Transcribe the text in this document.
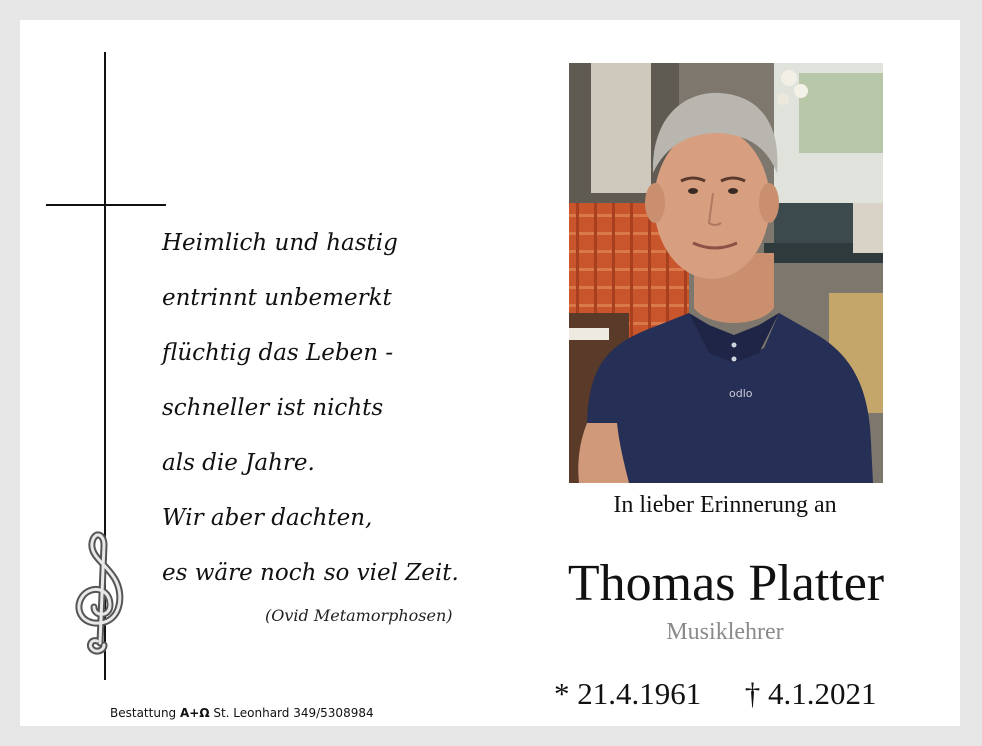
Heimlich und hastig
entrinnt unbemerkt
flüchtig das Leben -
schneller ist nichts
als die Jahre.
Wir aber dachten,
es wäre noch so viel Zeit.
(Ovid Metamorphosen)
Bestattung A+Ω St. Leonhard 349/5308984
odlo
In lieber Erinnerung an
Thomas Platter
Musiklehrer
* 21.4.1961 † 4.1.2021
